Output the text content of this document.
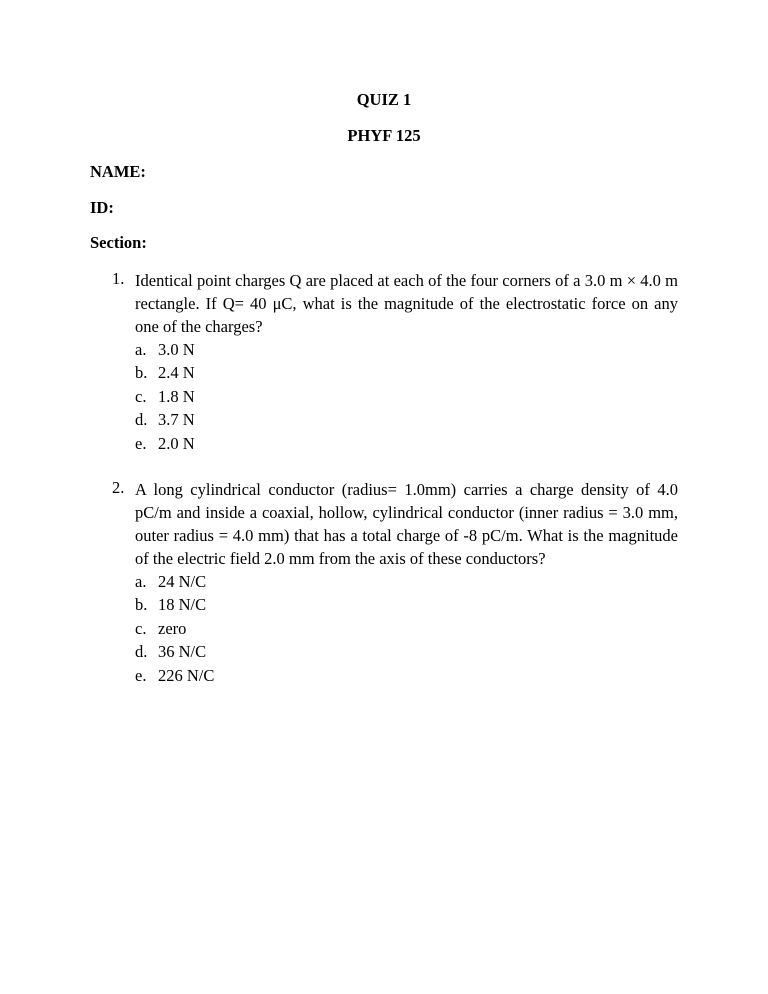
QUIZ 1
PHYF 125
NAME:
ID:
Section:
1. Identical point charges Q are placed at each of the four corners of a 3.0 m × 4.0 m rectangle. If Q= 40 μC, what is the magnitude of the electrostatic force on any one of the charges?
a. 3.0 N
b. 2.4 N
c. 1.8 N
d. 3.7 N
e. 2.0 N
2. A long cylindrical conductor (radius= 1.0mm) carries a charge density of 4.0 pC/m and inside a coaxial, hollow, cylindrical conductor (inner radius = 3.0 mm, outer radius = 4.0 mm) that has a total charge of -8 pC/m. What is the magnitude of the electric field 2.0 mm from the axis of these conductors?
a. 24 N/C
b. 18 N/C
c. zero
d. 36 N/C
e. 226 N/C
